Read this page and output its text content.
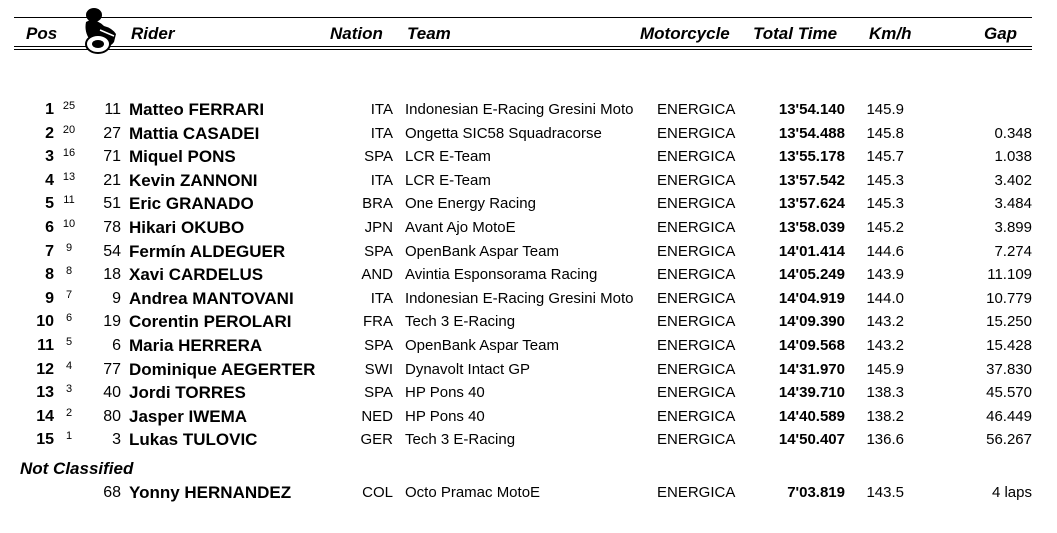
Pos	Rider	Nation Team	Motorcycle Total Time Km/h	Gap
1 25	11 Matteo FERRARI	ITA Indonesian E-Racing Gresini Moto ENERGICA	13'54.140	145.9
2 20	27 Mattia CASADEI	ITA Ongetta SIC58 Squadracorse	ENERGICA	13'54.488	145.8	0.348
3 16	71 Miquel PONS	SPA LCR E-Team	ENERGICA	13'55.178	145.7	1.038
4 13	21 Kevin ZANNONI	ITA LCR E-Team	ENERGICA	13'57.542	145.3	3.402
5 11	51 Eric GRANADO	BRA One Energy Racing	ENERGICA	13'57.624	145.3	3.484
6 10	78 Hikari OKUBO	JPN Avant Ajo MotoE	ENERGICA	13'58.039	145.2	3.899
7	9	54 Fermín ALDEGUER	SPA OpenBank Aspar Team	ENERGICA	14'01.414	144.6	7.274
8	8	18 Xavi CARDELUS	AND Avintia Esponsorama Racing	ENERGICA	14'05.249	143.9	11.109
9	7	9 Andrea MANTOVANI	ITA Indonesian E-Racing Gresini Moto ENERGICA	14'04.919	144.0	10.779
10	6	19 Corentin PEROLARI	FRA Tech 3 E-Racing	ENERGICA	14'09.390	143.2	15.250
11	5	6 Maria HERRERA	SPA OpenBank Aspar Team	ENERGICA	14'09.568	143.2	15.428
12	4	77 Dominique AEGERTER	SWI Dynavolt Intact GP	ENERGICA	14'31.970	145.9	37.830
13	3	40 Jordi TORRES	SPA HP Pons 40	ENERGICA	14'39.710	138.3	45.570
14	2	80 Jasper IWEMA	NED HP Pons 40	ENERGICA	14'40.589	138.2	46.449
15	1	3 Lukas TULOVIC	GER Tech 3 E-Racing	ENERGICA	14'50.407	136.6	56.267
Not Classified
68 Yonny HERNANDEZ	COL Octo Pramac MotoE	ENERGICA	7'03.819	143.5	4 laps
